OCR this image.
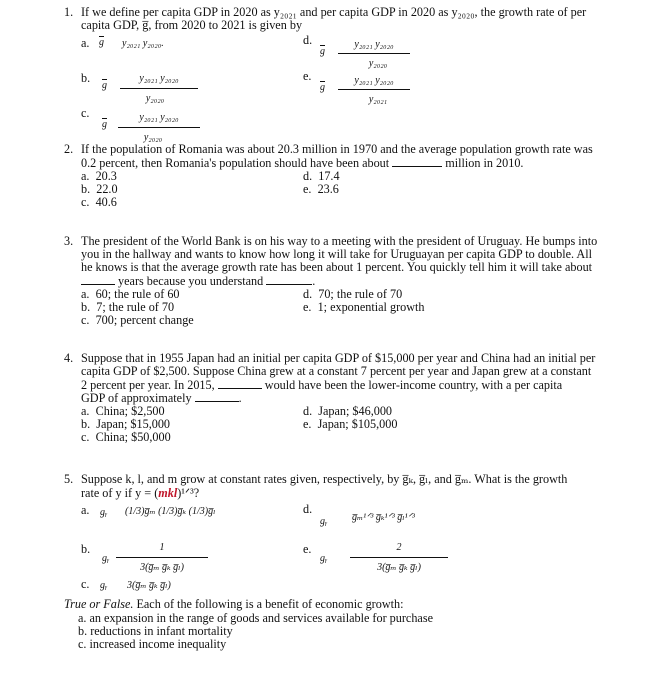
1. If we define per capita GDP in 2020 as y₂₀₂₁ and per capita GDP in 2020 as y₂₀₂₀, the growth rate of per
capita GDP, g̅, from 2020 to 2021 is given by
a. g y₂₀₂₁ y₂₀₂₀.
b.
g
y₂₀₂₁ y₂₀₂₀
y₂₀₂₀
c.
g
y₂₀₂₁ y₂₀₂₀
y₂₀₂₀
d.
g
y₂₀₂₁ y₂₀₂₀
y₂₀₂₀
e.
g
y₂₀₂₁ y₂₀₂₀
y₂₀₂₁
2. If the population of Romania was about 20.3 million in 1970 and the average population growth rate was
0.2 percent, then Romania's population should have been about	million in 2010.
a. 20.3
b. 22.0
c. 40.6
d. 17.4
e. 23.6
3. The president of the World Bank is on his way to a meeting with the president of Uruguay. He bumps into
you in the hallway and wants to know how long it will take for Uruguayan per capita GDP to double. All
he knows is that the average growth rate has been about 1 percent. You quickly tell him it will take about
years because you understand	.
a. 60; the rule of 60
b. 7; the rule of 70
c. 700; percent change
d. 70; the rule of 70
e. 1; exponential growth
4. Suppose that in 1955 Japan had an initial per capita GDP of $15,000 per year and China had an initial per
capita GDP of $2,500. Suppose China grew at a constant 7 percent per year and Japan grew at a constant
2 percent per year. In 2015,	would have been the lower-income country, with a per capita
GDP of approximately	.
a. China; $2,500
b. Japan; $15,000
c. China; $50,000
d. Japan; $46,000
e. Japan; $105,000
5. Suppose k, l, and m grow at constant rates given, respectively, by g̅ₖ, g̅ₗ, and g̅ₘ. What is the growth
rate of y if y = (mkl)¹ᐟ³?
a. gᵧ (1/3)g̅ₘ (1/3)g̅ₖ (1/3)g̅ₗ
b.
gᵧ
1
3(g̅ₘ g̅ₖ g̅ₗ)
c. gᵧ 3(g̅ₘ g̅ₖ g̅ₗ)
d.
gᵧ g̅ₘ¹ᐟ³ g̅ₖ¹ᐟ³ g̅ₗ¹ᐟ³
e.
gᵧ
2
3(g̅ₘ g̅ₖ g̅ₗ)
True or False. Each of the following is a benefit of economic growth:
a. an expansion in the range of goods and services available for purchase
b. reductions in infant mortality
c. increased income inequality
